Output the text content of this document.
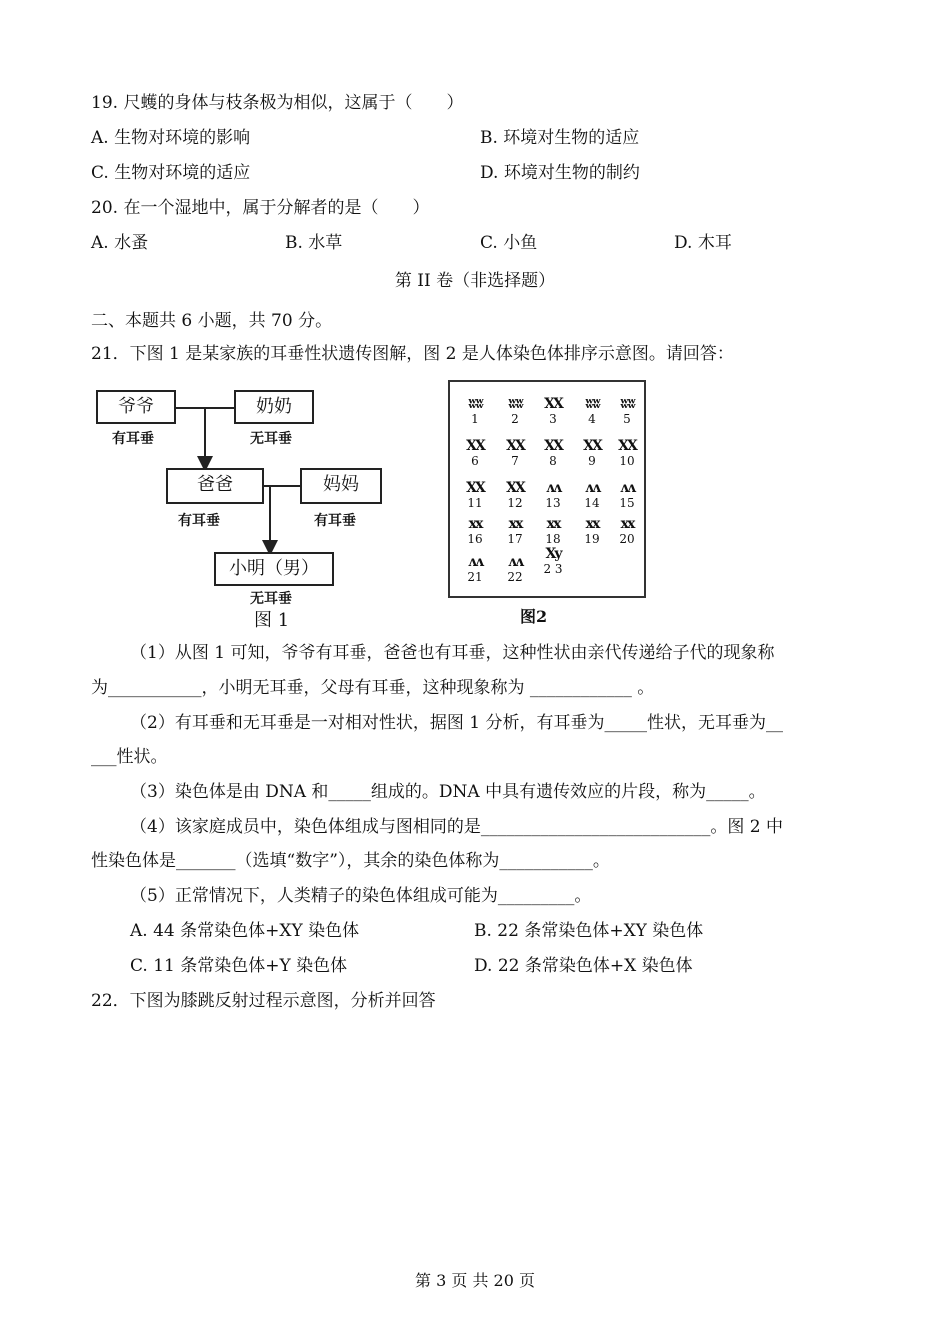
19. 尺蠖的身体与枝条极为相似，这属于（　　）
A. 生物对环境的影响	B. 环境对生物的适应
C. 生物对环境的适应	D. 环境对生物的制约
20. 在一个湿地中，属于分解者的是（　　）
A. 水蚤	B. 水草	C. 小鱼	D. 木耳
第 II 卷（非选择题）
二、本题共 6 小题，共 70 分。
21．下图 1 是某家族的耳垂性状遗传图解，图 2 是人体染色体排序示意图。请回答：
爷爷
有耳垂
奶奶
无耳垂
爸爸
有耳垂
妈妈
有耳垂
小明（男）
无耳垂
图 1
ʬʬ
1
ʬʬ
2
XX
3
ʬʬ
4
ʬʬ
5
XX
6
XX
7
XX
8
XX
9
XX
10
XX
11
XX
12
ʌʌ
13
ʌʌ
14
ʌʌ
15
xx
16
xx
17
xx
18
xx
19
xx
20
ᴧᴧ
21
ᴧᴧ
22
Xy
2 3
图2
（1）从图 1 可知，爷爷有耳垂，爸爸也有耳垂，这种性状由亲代传递给子代的现象称
为___________，小明无耳垂，父母有耳垂，这种现象称为 ____________ 。
（2）有耳垂和无耳垂是一对相对性状，据图 1 分析，有耳垂为_____性状，无耳垂为__
___性状。
（3）染色体是由 DNA 和_____组成的。DNA 中具有遗传效应的片段，称为_____。
（4）该家庭成员中，染色体组成与图相同的是___________________________。图 2 中
性染色体是_______（选填“数字”），其余的染色体称为___________。
（5）正常情况下，人类精子的染色体组成可能为_________。
A. 44 条常染色体+XY 染色体	B. 22 条常染色体+XY 染色体
C. 11 条常染色体+Y 染色体	D. 22 条常染色体+X 染色体
22．下图为膝跳反射过程示意图，分析并回答
第 3 页 共 20 页
